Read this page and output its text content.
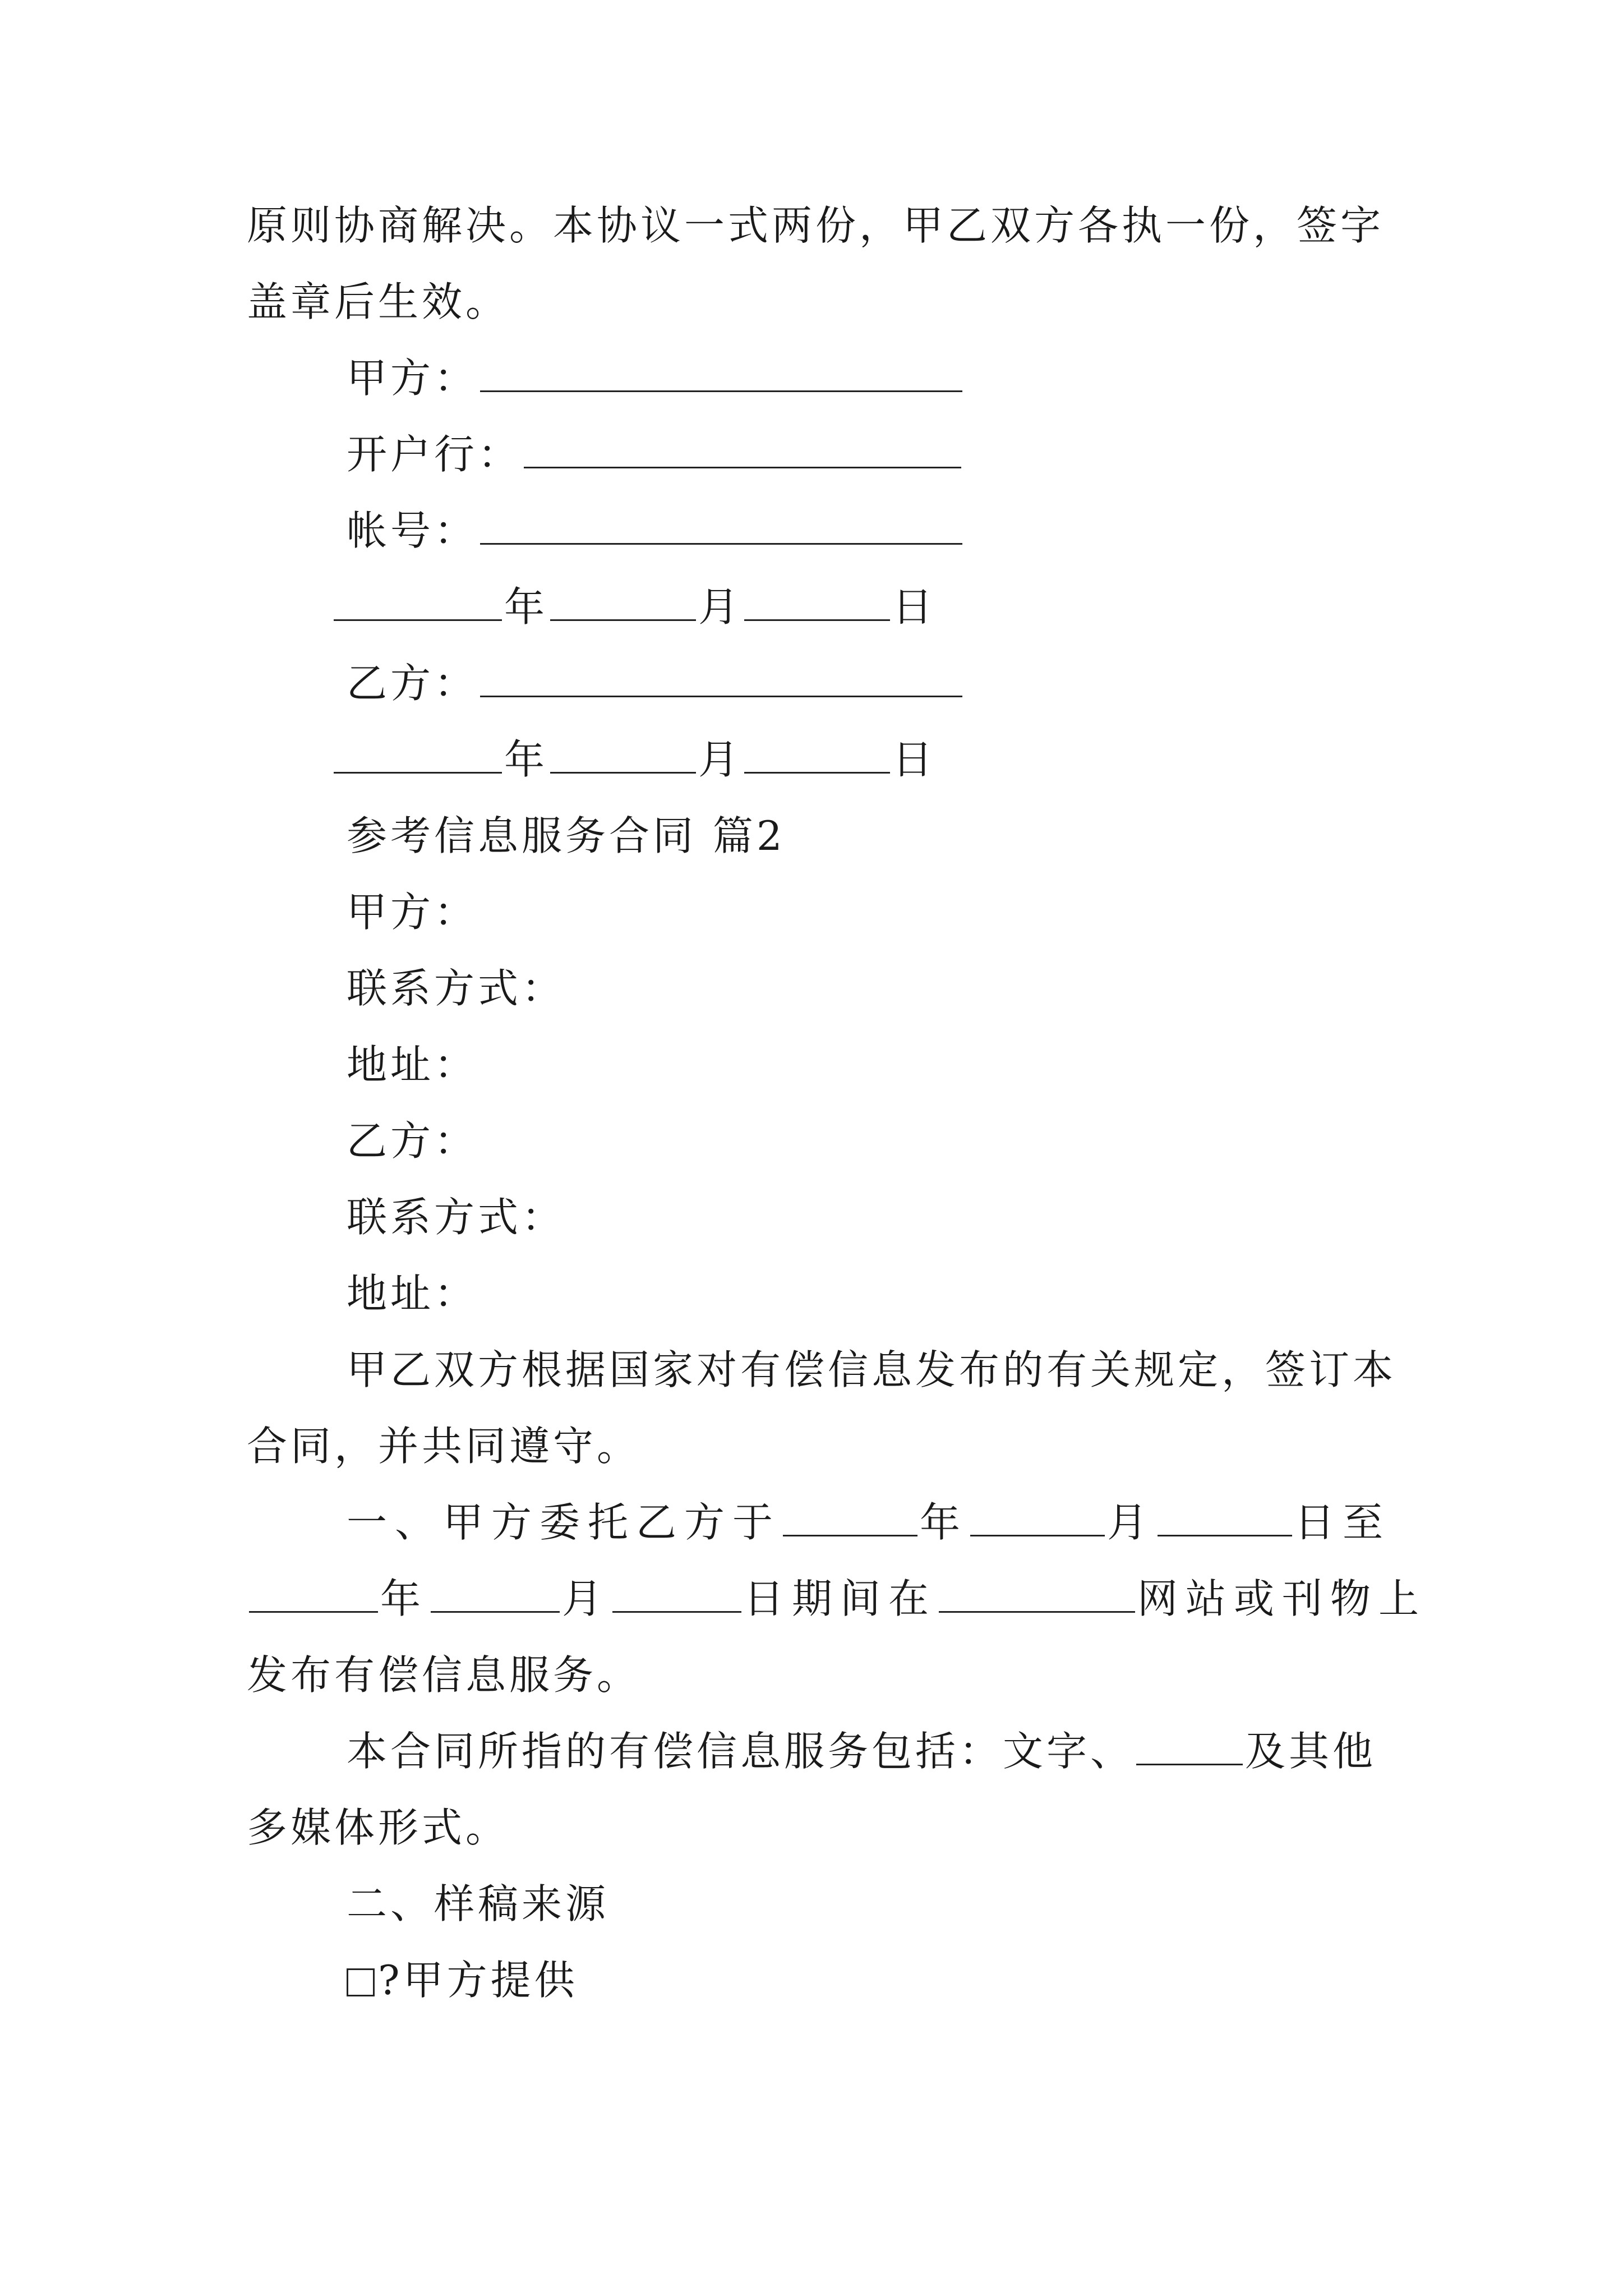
原则协商解决。本协议一式两份，甲乙双方各执一份，签字

盖章后生效。

甲方：

开户行：

帐号：

年	月	日

乙方：

年	月	日

参考信息服务合同 篇2

甲方：

联系方式：

地址：

乙方：

联系方式：

地址：

甲乙双方根据国家对有偿信息发布的有关规定，签订本

合同，并共同遵守。

一、甲方委托乙方于	年	月	日至

年	月	日期间在	网站或刊物上

发布有偿信息服务。

本合同所指的有偿信息服务包括：文字、	及其他

多媒体形式。

二、样稿来源

?甲方提供
